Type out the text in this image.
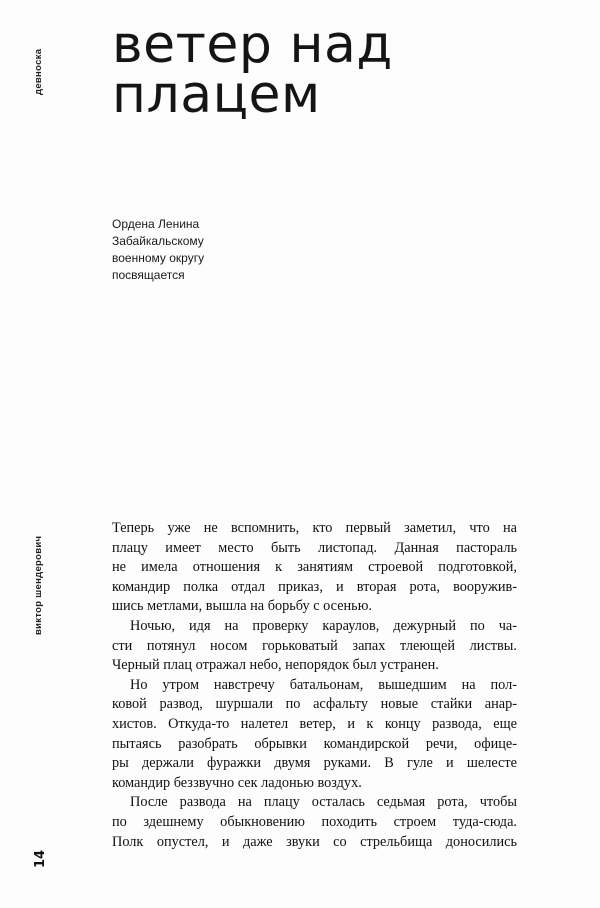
девноска
виктор шендерович
14
ветер над
плацем
Ордена Ленина
Забайкальскому
военному округу
посвящается
Теперь уже не вспомнить, кто первый заметил, что на
плацу имеет место быть листопад. Данная пастораль
не имела отношения к занятиям строевой подготовкой,
командир полка отдал приказ, и вторая рота, вооружив-
шись метлами, вышла на борьбу с осенью.
Ночью, идя на проверку караулов, дежурный по ча-
сти потянул носом горьковатый запах тлеющей листвы.
Черный плац отражал небо, непорядок был устранен.
Но утром навстречу батальонам, вышедшим на пол-
ковой развод, шуршали по асфальту новые стайки анар-
хистов. Откуда-то налетел ветер, и к концу развода, еще
пытаясь разобрать обрывки командирской речи, офице-
ры держали фуражки двумя руками. В гуле и шелесте
командир беззвучно сек ладонью воздух.
После развода на плацу осталась седьмая рота, чтобы
по здешнему обыкновению походить строем туда-сюда.
Полк опустел, и даже звуки со стрельбища доносились
